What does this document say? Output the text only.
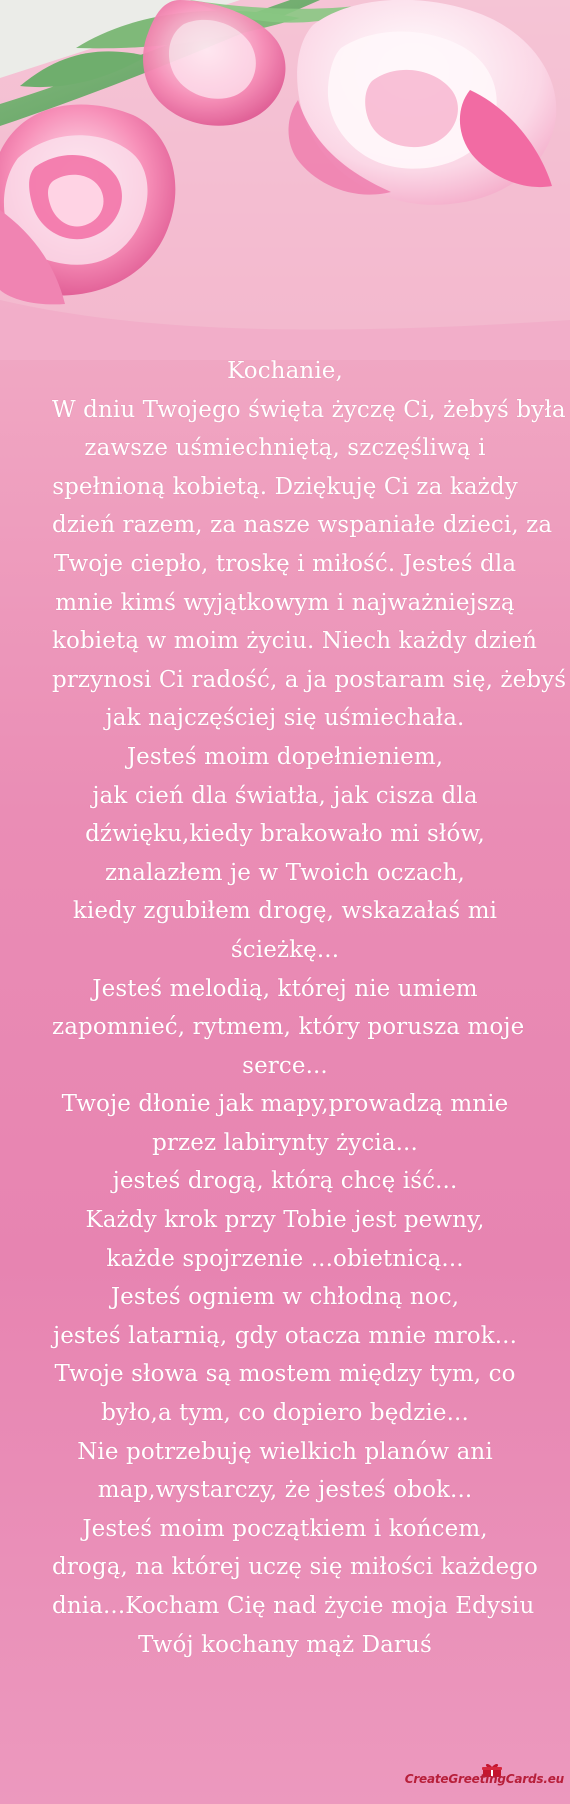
Kochanie,
W dniu Twojego święta życzę Ci, żebyś była
zawsze uśmiechniętą, szczęśliwą i
spełnioną kobietą. Dziękuję Ci za każdy
dzień razem, za nasze wspaniałe dzieci, za
Twoje ciepło, troskę i miłość. Jesteś dla
mnie kimś wyjątkowym i najważniejszą
kobietą w moim życiu. Niech każdy dzień
przynosi Ci radość, a ja postaram się, żebyś
jak najczęściej się uśmiechała.
Jesteś moim dopełnieniem,
jak cień dla światła, jak cisza dla
dźwięku,kiedy brakowało mi słów,
znalazłem je w Twoich oczach,
kiedy zgubiłem drogę, wskazałaś mi
ścieżkę...
Jesteś melodią, której nie umiem
zapomnieć, rytmem, który porusza moje
serce...
Twoje dłonie jak mapy,prowadzą mnie
przez labirynty życia...
jesteś drogą, którą chcę iść...
Każdy krok przy Tobie jest pewny,
każde spojrzenie ...obietnicą...
Jesteś ogniem w chłodną noc,
jesteś latarnią, gdy otacza mnie mrok...
Twoje słowa są mostem między tym, co
było,a tym, co dopiero będzie...
Nie potrzebuję wielkich planów ani
map,wystarczy, że jesteś obok...
Jesteś moim początkiem i końcem,
drogą, na której uczę się miłości każdego
dnia...Kocham Cię nad życie moja Edysiu
Twój kochany mąż Daruś
CreateGreetingCards.eu
